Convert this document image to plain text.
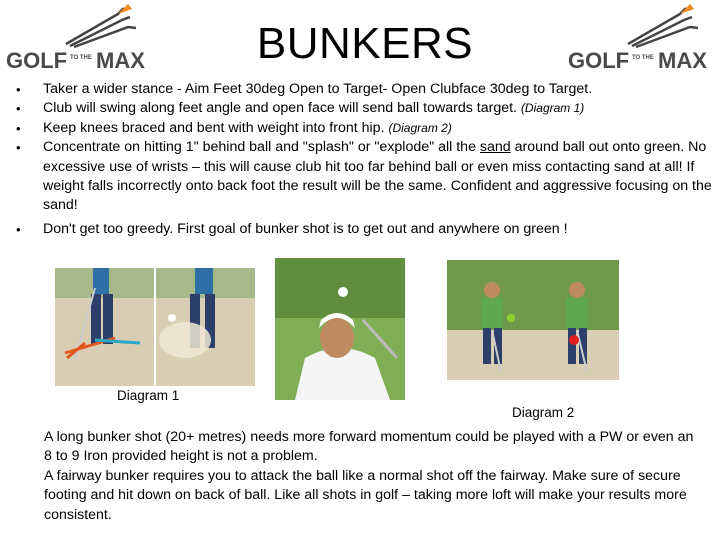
GOLF TO THE MAX	GOLF TO THE MAX
BUNKERS
• Taker a wider stance - Aim Feet 30deg Open to Target- Open Clubface 30deg to Target.
• Club will swing along feet angle and open face will send ball towards target. (Diagram 1)
• Keep knees braced and bent with weight into front hip. (Diagram 2)
• Concentrate on hitting 1" behind ball and "splash" or "explode" all the sand around ball out onto green. No excessive use of wrists – this will cause club hit too far behind ball or even miss contacting sand at all! If weight falls incorrectly onto back foot the result will be the same. Confident and aggressive focusing on the sand!
• Don't get too greedy. First goal of bunker shot is to get out and anywhere on green !
Diagram 1
Diagram 2

A long bunker shot (20+ metres) needs more forward momentum could be played with a PW or even an 8 to 9 Iron provided height is not a problem.

A fairway bunker requires you to attack the ball like a normal shot off the fairway. Make sure of secure footing and hit down on back of ball. Like all shots in golf – taking more loft will make your results more consistent.
